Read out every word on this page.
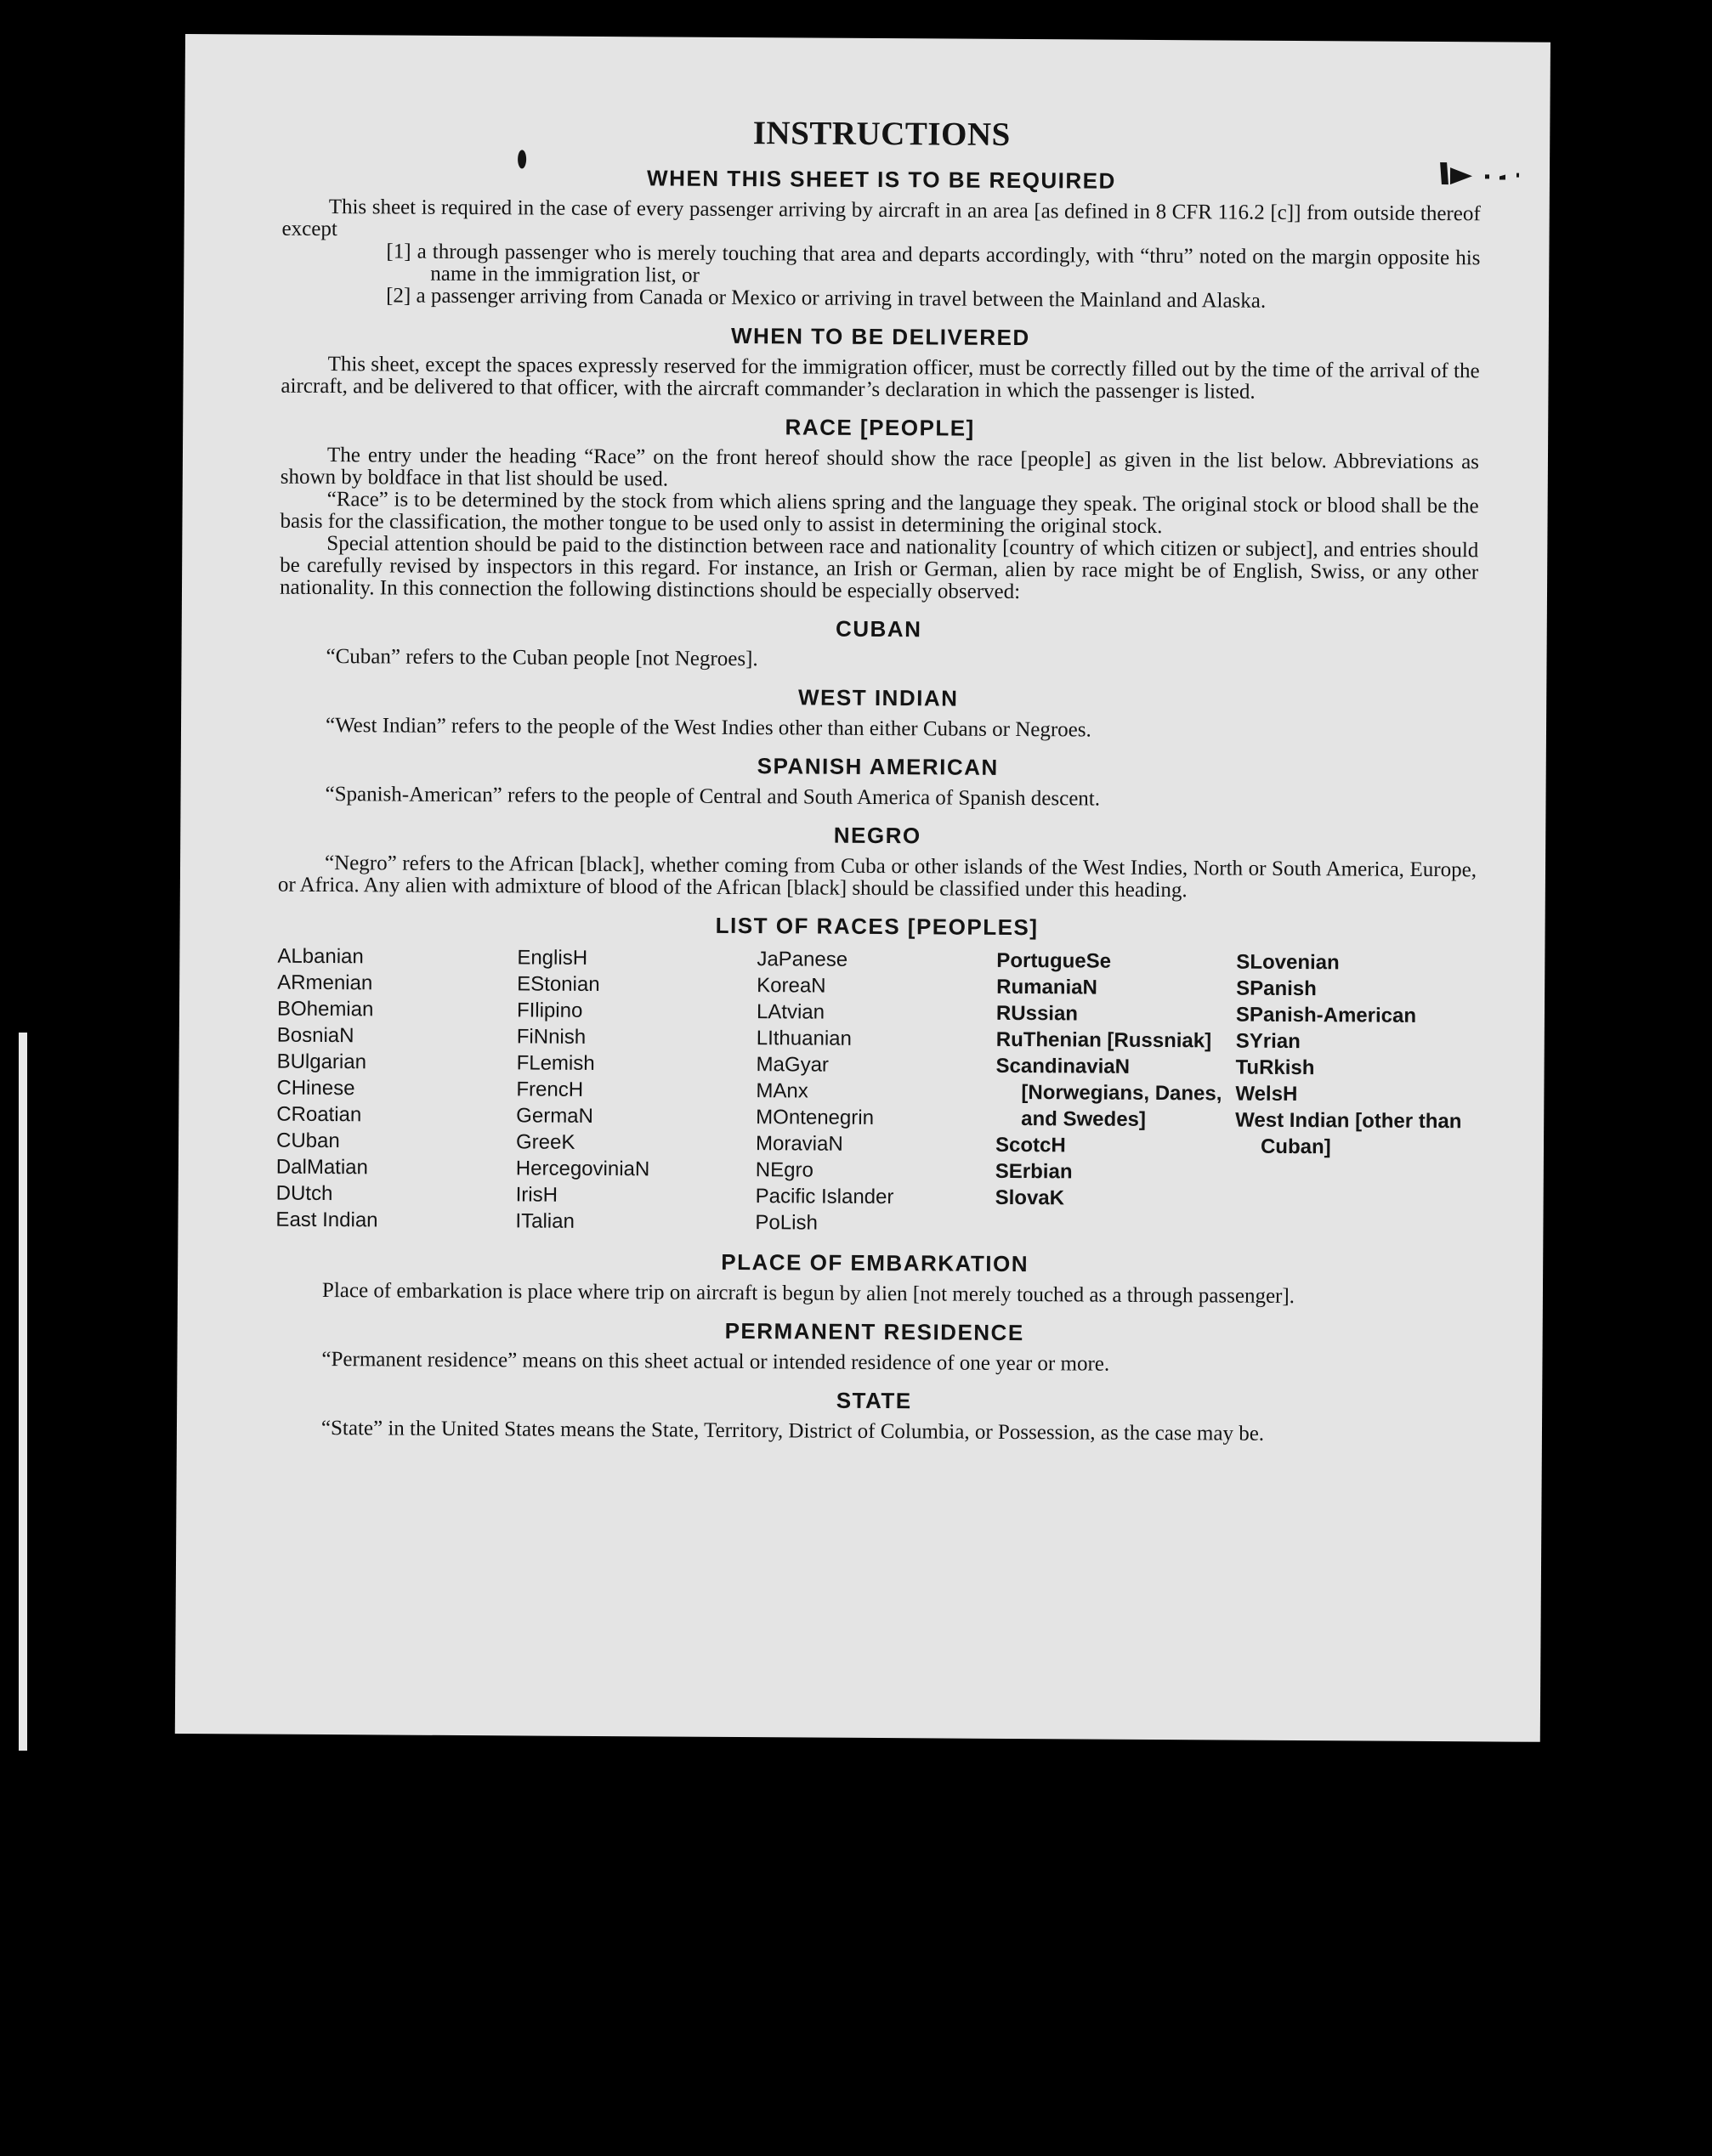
INSTRUCTIONS
WHEN THIS SHEET IS TO BE REQUIRED

This sheet is required in the case of every passenger arriving by aircraft in an area [as defined in 8 CFR 116.2 [c]] from outside thereof except

[1] a through passenger who is merely touching that area and departs accordingly, with “thru” noted on the margin opposite his name in the immigration list, or
[2] a passenger arriving from Canada or Mexico or arriving in travel between the Mainland and Alaska.
WHEN TO BE DELIVERED

This sheet, except the spaces expressly reserved for the immigration officer, must be correctly filled out by the time of the arrival of the aircraft, and be delivered to that officer, with the aircraft commander’s declaration in which the passenger is listed.

RACE [PEOPLE]

The entry under the heading “Race” on the front hereof should show the race [people] as given in the list below. Abbreviations as shown by boldface in that list should be used.

“Race” is to be determined by the stock from which aliens spring and the language they speak. The original stock or blood shall be the basis for the classification, the mother tongue to be used only to assist in determining the original stock.

Special attention should be paid to the distinction between race and nationality [country of which citizen or subject], and entries should be carefully revised by inspectors in this regard. For instance, an Irish or German, alien by race might be of English, Swiss, or any other nationality. In this connection the following distinctions should be especially observed:

CUBAN

“Cuban” refers to the Cuban people [not Negroes].

WEST INDIAN

“West Indian” refers to the people of the West Indies other than either Cubans or Negroes.

SPANISH AMERICAN

“Spanish-American” refers to the people of Central and South America of Spanish descent.

NEGRO

“Negro” refers to the African [black], whether coming from Cuba or other islands of the West Indies, North or South America, Europe, or Africa. Any alien with admixture of blood of the African [black] should be classified under this heading.

LIST OF RACES [PEOPLES]
ALbanian
ARmenian
BOhemian
BosniaN
BUlgarian
CHinese
CRoatian
CUban
DalMatian
DUtch
East Indian
EnglisH
EStonian
FIlipino
FiNnish
FLemish
FrencH
GermaN
GreeK
HercegoviniaN
IrisH
ITalian
JaPanese
KoreaN
LAtvian
LIthuanian
MaGyar
MAnx
MOntenegrin
MoraviaN
NEgro
Pacific Islander
PoLish
PortugueSe
RumaniaN
RUssian
RuThenian [Russniak]
ScandinaviaN [Norwegians, Danes, and Swedes]
ScotcH
SErbian
SlovaK
SLovenian
SPanish
SPanish-American
SYrian
TuRkish
WelsH
West Indian [other than Cuban]
PLACE OF EMBARKATION

Place of embarkation is place where trip on aircraft is begun by alien [not merely touched as a through passenger].

PERMANENT RESIDENCE

“Permanent residence” means on this sheet actual or intended residence of one year or more.

STATE

“State” in the United States means the State, Territory, District of Columbia, or Possession, as the case may be.
